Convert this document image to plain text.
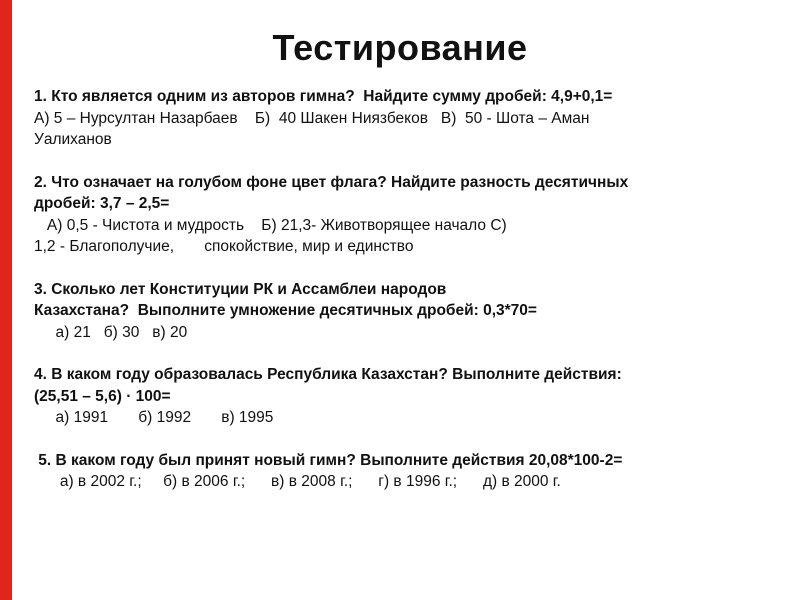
Тестирование
1. Кто является одним из авторов гимна?  Найдите сумму дробей: 4,9+0,1=
А) 5 – Нурсултан Назарбаев    Б)  40 Шакен Ниязбеков   В)  50 - Шота – Аман
Уалиханов
2. Что означает на голубом фоне цвет флага? Найдите разность десятичных
дробей: 3,7 – 2,5=
А) 0,5 - Чистота и мудрость    Б) 21,3- Животворящее начало С)
1,2 - Благополучие,       спокойствие, мир и единство
3. Сколько лет Конституции РК и Ассамблеи народов
Казахстана?  Выполните умножение десятичных дробей: 0,3*70=
а) 21   б) 30   в) 20
4. В каком году образовалась Республика Казахстан? Выполните действия:
(25,51 – 5,6) · 100=
а) 1991       б) 1992       в) 1995
5. В каком году был принят новый гимн? Выполните действия 20,08*100-2=
а) в 2002 г.;     б) в 2006 г.;      в) в 2008 г.;      г) в 1996 г.;      д) в 2000 г.
